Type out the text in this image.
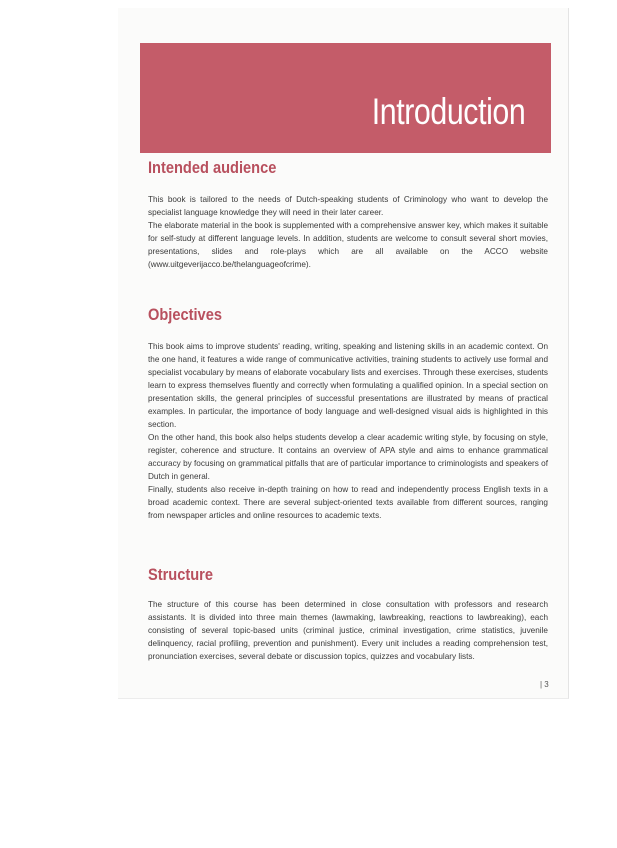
Introduction
Intended audience

This book is tailored to the needs of Dutch-speaking students of Criminology who want to develop the specialist language knowledge they will need in their later career.

The elaborate material in the book is supplemented with a comprehensive answer key, which makes it suitable for self-study at different language levels. In addition, students are welcome to consult several short movies, presentations, slides and role-plays which are all available on the ACCO website (www.uitgeverijacco.be/thelanguageofcrime).

Objectives

This book aims to improve students' reading, writing, speaking and listening skills in an academic context. On the one hand, it features a wide range of communicative activities, training students to actively use formal and specialist vocabulary by means of elaborate vocabulary lists and exercises. Through these exercises, students learn to express themselves fluently and correctly when formulating a qualified opinion. In a special section on presentation skills, the general principles of successful presentations are illustrated by means of practical examples. In particular, the importance of body language and well-designed visual aids is highlighted in this section.

On the other hand, this book also helps students develop a clear academic writing style, by focusing on style, register, coherence and structure. It contains an overview of APA style and aims to enhance grammatical accuracy by focusing on grammatical pitfalls that are of particular importance to criminologists and speakers of Dutch in general.

Finally, students also receive in-depth training on how to read and independently process English texts in a broad academic context. There are several subject-oriented texts available from different sources, ranging from newspaper articles and online resources to academic texts.

Structure

The structure of this course has been determined in close consultation with professors and research assistants. It is divided into three main themes (lawmaking, lawbreaking, reactions to lawbreaking), each consisting of several topic-based units (criminal justice, criminal investigation, crime statistics, juvenile delinquency, racial profiling, prevention and punishment). Every unit includes a reading comprehension test, pronunciation exercises, several debate or discussion topics, quizzes and vocabulary lists.

| 3
